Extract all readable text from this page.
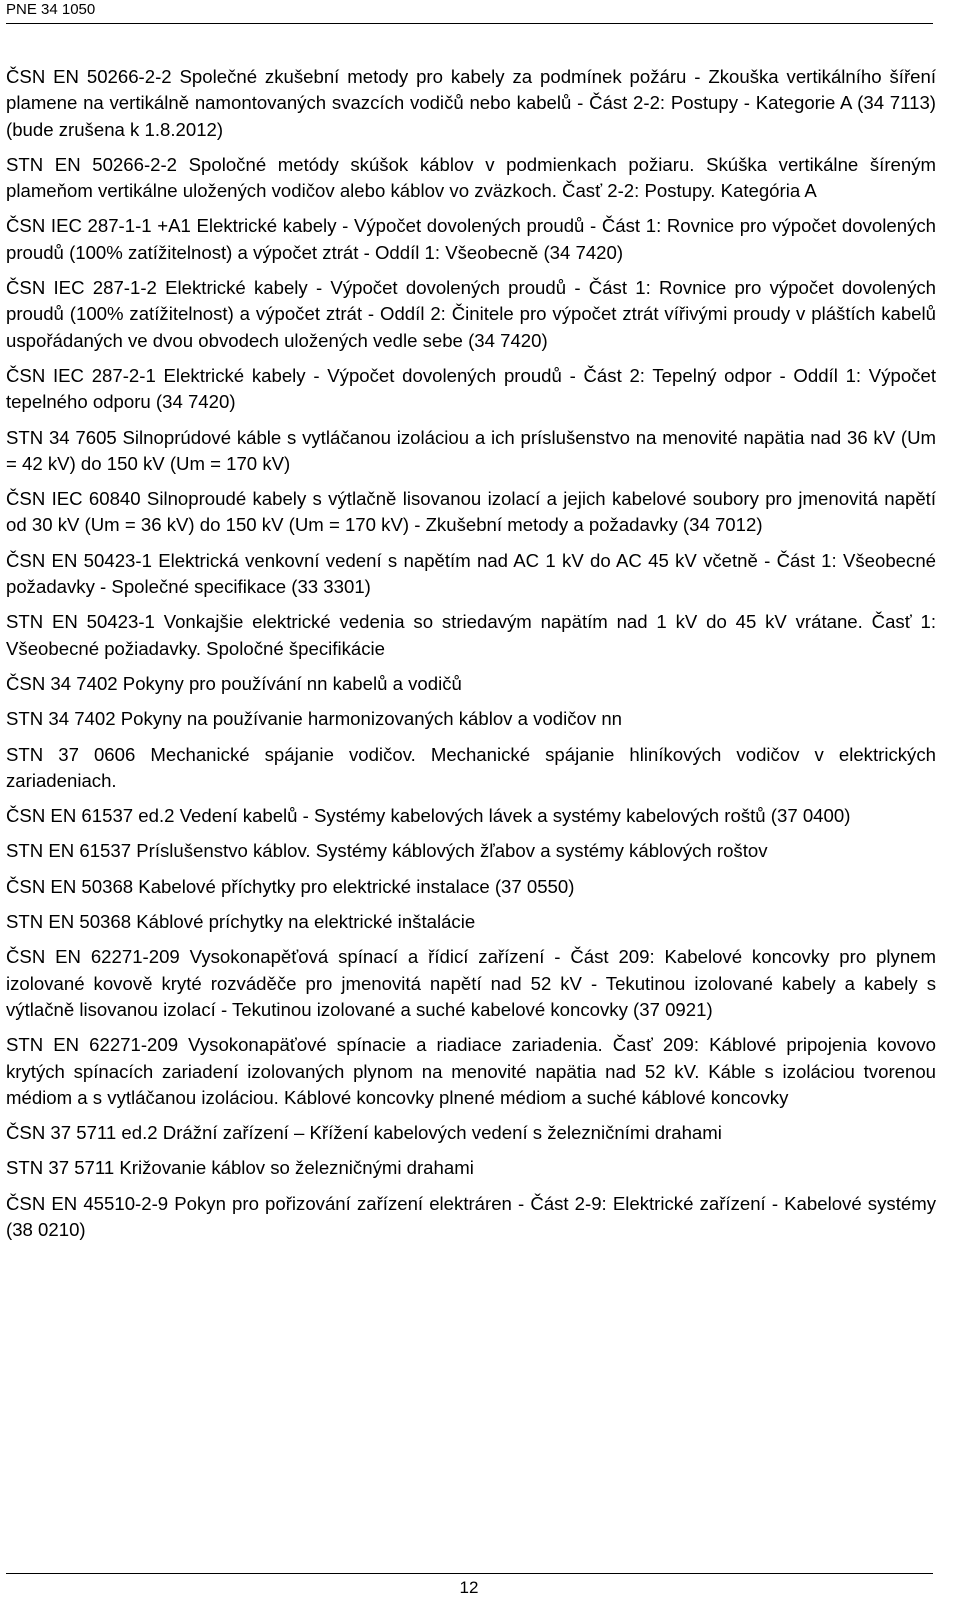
PNE 34 1050

ČSN EN 50266-2-2 Společné zkušební metody pro kabely za podmínek požáru - Zkouška vertikálního šíření plamene na vertikálně namontovaných svazcích vodičů nebo kabelů - Část 2-2: Postupy - Kategorie A (34 7113) (bude zrušena k 1.8.2012)

STN EN 50266-2-2 Spoločné metódy skúšok káblov v podmienkach požiaru. Skúška vertikálne šíreným plameňom vertikálne uložených vodičov alebo káblov vo zväzkoch. Časť 2-2: Postupy. Kategória A

ČSN IEC 287-1-1 +A1 Elektrické kabely - Výpočet dovolených proudů - Část 1: Rovnice pro výpočet dovolených proudů (100% zatížitelnost) a výpočet ztrát - Oddíl 1: Všeobecně (34 7420)

ČSN IEC 287-1-2 Elektrické kabely - Výpočet dovolených proudů - Část 1: Rovnice pro výpočet dovolených proudů (100% zatížitelnost) a výpočet ztrát - Oddíl 2: Činitele pro výpočet ztrát vířivými proudy v pláštích kabelů uspořádaných ve dvou obvodech uložených vedle sebe (34 7420)

ČSN IEC 287-2-1 Elektrické kabely - Výpočet dovolených proudů - Část 2: Tepelný odpor - Oddíl 1: Výpočet tepelného odporu (34 7420)

STN 34 7605 Silnoprúdové káble s vytláčanou izoláciou a ich príslušenstvo na menovité napätia nad 36 kV (Um = 42 kV) do 150 kV (Um = 170 kV)

ČSN IEC 60840 Silnoproudé kabely s výtlačně lisovanou izolací a jejich kabelové soubory pro jmenovitá napětí od 30 kV (Um = 36 kV) do 150 kV (Um = 170 kV) - Zkušební metody a požadavky (34 7012)

ČSN EN 50423-1 Elektrická venkovní vedení s napětím nad AC 1 kV do AC 45 kV včetně - Část 1: Všeobecné požadavky - Společné specifikace (33 3301)

STN EN 50423-1 Vonkajšie elektrické vedenia so striedavým napätím nad 1 kV do 45 kV vrátane. Časť 1: Všeobecné požiadavky. Spoločné špecifikácie

ČSN 34 7402 Pokyny pro používání nn kabelů a vodičů

STN 34 7402 Pokyny na používanie harmonizovaných káblov a vodičov nn

STN 37 0606 Mechanické spájanie vodičov. Mechanické spájanie hliníkových vodičov v elektrických zariadeniach.

ČSN EN 61537 ed.2 Vedení kabelů - Systémy kabelových lávek a systémy kabelových roštů (37 0400)

STN EN 61537 Príslušenstvo káblov. Systémy káblových žľabov a systémy káblových roštov

ČSN EN 50368 Kabelové příchytky pro elektrické instalace (37 0550)

STN EN 50368 Káblové príchytky na elektrické inštalácie

ČSN EN 62271-209 Vysokonapěťová spínací a řídicí zařízení - Část 209: Kabelové koncovky pro plynem izolované kovově kryté rozváděče pro jmenovitá napětí nad 52 kV - Tekutinou izolované kabely a kabely s výtlačně lisovanou izolací - Tekutinou izolované a suché kabelové koncovky (37 0921)

STN EN 62271-209 Vysokonapäťové spínacie a riadiace zariadenia. Časť 209: Káblové pripojenia kovovo krytých spínacích zariadení izolovaných plynom na menovité napätia nad 52 kV. Káble s izoláciou tvorenou médiom a s vytláčanou izoláciou. Káblové koncovky plnené médiom a suché káblové koncovky

ČSN 37 5711 ed.2 Drážní zařízení – Křížení kabelových vedení s železničními drahami

STN 37 5711 Križovanie káblov so železničnými drahami

ČSN EN 45510-2-9 Pokyn pro pořizování zařízení elektráren - Část 2-9: Elektrické zařízení - Kabelové systémy (38 0210)

12
